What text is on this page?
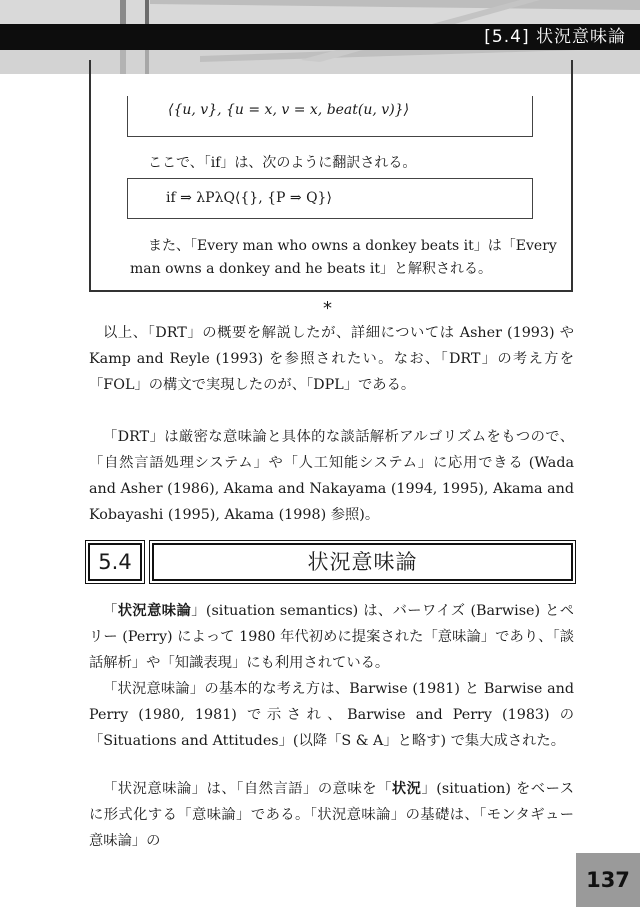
[5.4] 状況意味論
⟨{u, v}, {u = x, v = x, beat(u, v)}⟩
ここで、「if」は、次のように翻訳される。
if ⇒ λPλQ⟨{}, {P ⇒ Q}⟩
また、「Every man who owns a donkey beats it」は「Every
man owns a donkey and he beats it」と解釈される。
*
以上、「DRT」の概要を解説したが、詳細については Asher (1993) や Kamp and Reyle (1993) を参照されたい。なお、「DRT」の考え方を「FOL」の構文で実現したのが、「DPL」である。
「DRT」は厳密な意味論と具体的な談話解析アルゴリズムをもつので、「自然言語処理システム」や「人工知能システム」に応用できる (Wada and Asher (1986), Akama and Nakayama (1994, 1995), Akama and Kobayashi (1995), Akama (1998) 参照)。
5.4	状況意味論
「状況意味論」(situation semantics) は、バーワイズ (Barwise) とペリー (Perry) によって 1980 年代初めに提案された「意味論」であり、「談話解析」や「知識表現」にも利用されている。
「状況意味論」の基本的な考え方は、Barwise (1981) と Barwise and Perry (1980, 1981) で示され、Barwise and Perry (1983) の「Situations and Attitudes」(以降「S & A」と略す) で集大成された。
「状況意味論」は、「自然言語」の意味を「状況」(situation) をベースに形式化する「意味論」である。「状況意味論」の基礎は、「モンタギュー意味論」の
137
